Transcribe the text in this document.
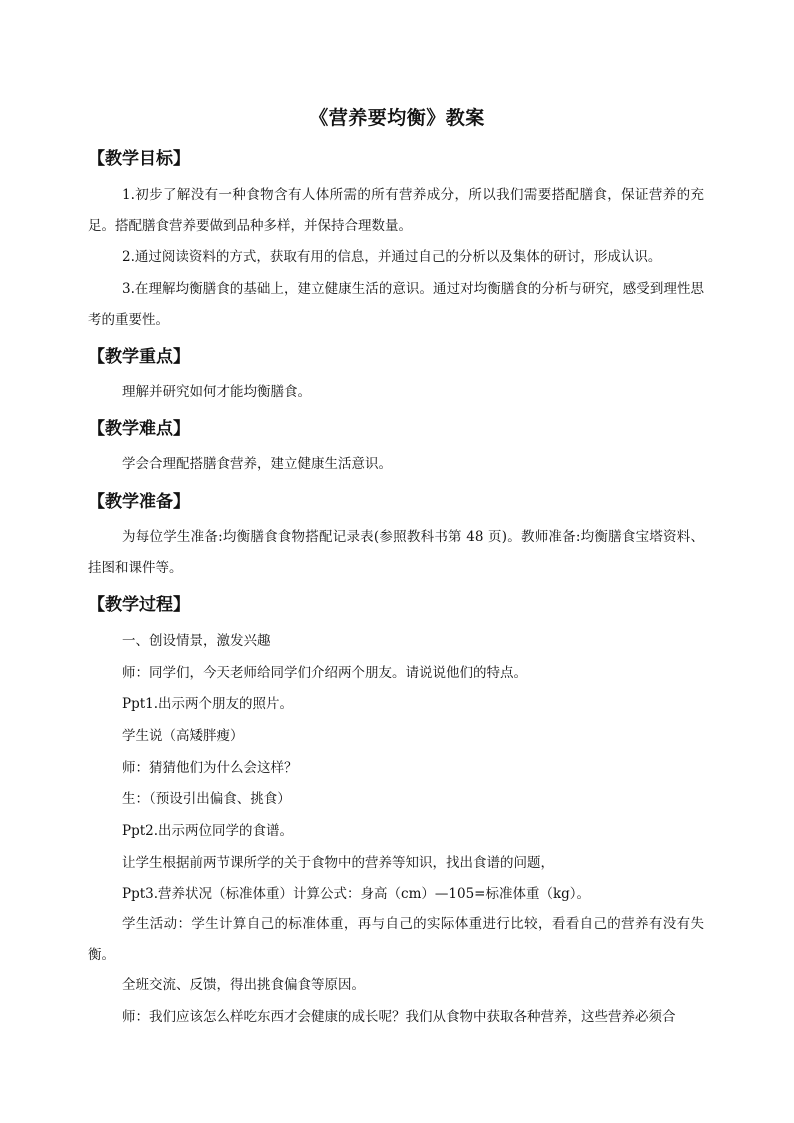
《营养要均衡》教案
【教学目标】
1.初步了解没有一种食物含有人体所需的所有营养成分，所以我们需要搭配膳食，保证营养的充足。搭配膳食营养要做到品种多样，并保持合理数量。
2.通过阅读资料的方式，获取有用的信息，并通过自己的分析以及集体的研讨，形成认识。
3.在理解均衡膳食的基础上，建立健康生活的意识。通过对均衡膳食的分析与研究，感受到理性思考的重要性。
【教学重点】
理解并研究如何才能均衡膳食。
【教学难点】
学会合理配搭膳食营养，建立健康生活意识。
【教学准备】
为每位学生准备:均衡膳食食物搭配记录表(参照教科书第 48 页)。教师准备:均衡膳食宝塔资料、挂图和课件等。
【教学过程】
一、创设情景，激发兴趣
师：同学们，今天老师给同学们介绍两个朋友。请说说他们的特点。
Ppt1.出示两个朋友的照片。
学生说（高矮胖瘦）
师：猜猜他们为什么会这样？
生：（预设引出偏食、挑食）
Ppt2.出示两位同学的食谱。
让学生根据前两节课所学的关于食物中的营养等知识，找出食谱的问题，
Ppt3.营养状况（标准体重）计算公式：身高（cm）—105=标准体重（kg）。
学生活动：学生计算自己的标准体重，再与自己的实际体重进行比较，看看自己的营养有没有失衡。
全班交流、反馈，得出挑食偏食等原因。
师：我们应该怎么样吃东西才会健康的成长呢？我们从食物中获取各种营养，这些营养必须合
